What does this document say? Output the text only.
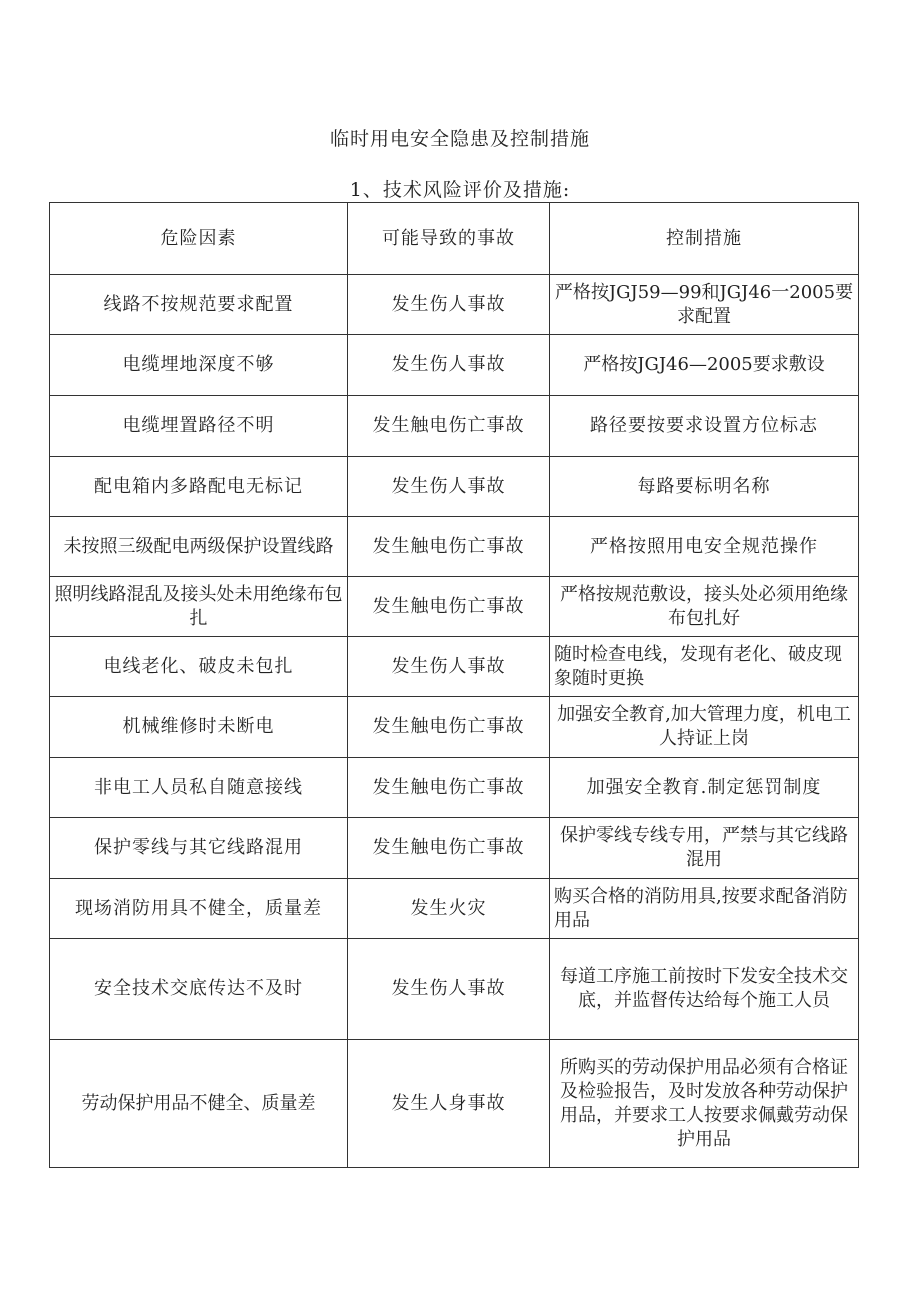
临时用电安全隐患及控制措施
1、技术风险评价及措施:
危险因素	可能导致的事故	控制措施
线路不按规范要求配置	发生伤人事故	严格按JGJ59—99和JGJ46一2005要求配置
电缆埋地深度不够	发生伤人事故	严格按JGJ46—2005要求敷设
电缆埋置路径不明	发生触电伤亡事故	路径要按要求设置方位标志
配电箱内多路配电无标记	发生伤人事故	每路要标明名称
未按照三级配电两级保护设置线路	发生触电伤亡事故	严格按照用电安全规范操作
照明线路混乱及接头处未用绝缘布包扎	发生触电伤亡事故	严格按规范敷设，接头处必须用绝缘布包扎好
电线老化、破皮未包扎	发生伤人事故	随时检查电线，发现有老化、破皮现象随时更换
机械维修时未断电	发生触电伤亡事故	加强安全教育,加大管理力度，机电工人持证上岗
非电工人员私自随意接线	发生触电伤亡事故	加强安全教育.制定惩罚制度
保护零线与其它线路混用	发生触电伤亡事故	保护零线专线专用，严禁与其它线路混用
现场消防用具不健全，质量差	发生火灾	购买合格的消防用具,按要求配备消防用品
安全技术交底传达不及时	发生伤人事故	每道工序施工前按时下发安全技术交底，并监督传达给每个施工人员
劳动保护用品不健全、质量差	发生人身事故	所购买的劳动保护用品必须有合格证及检验报告，及时发放各种劳动保护用品，并要求工人按要求佩戴劳动保护用品
